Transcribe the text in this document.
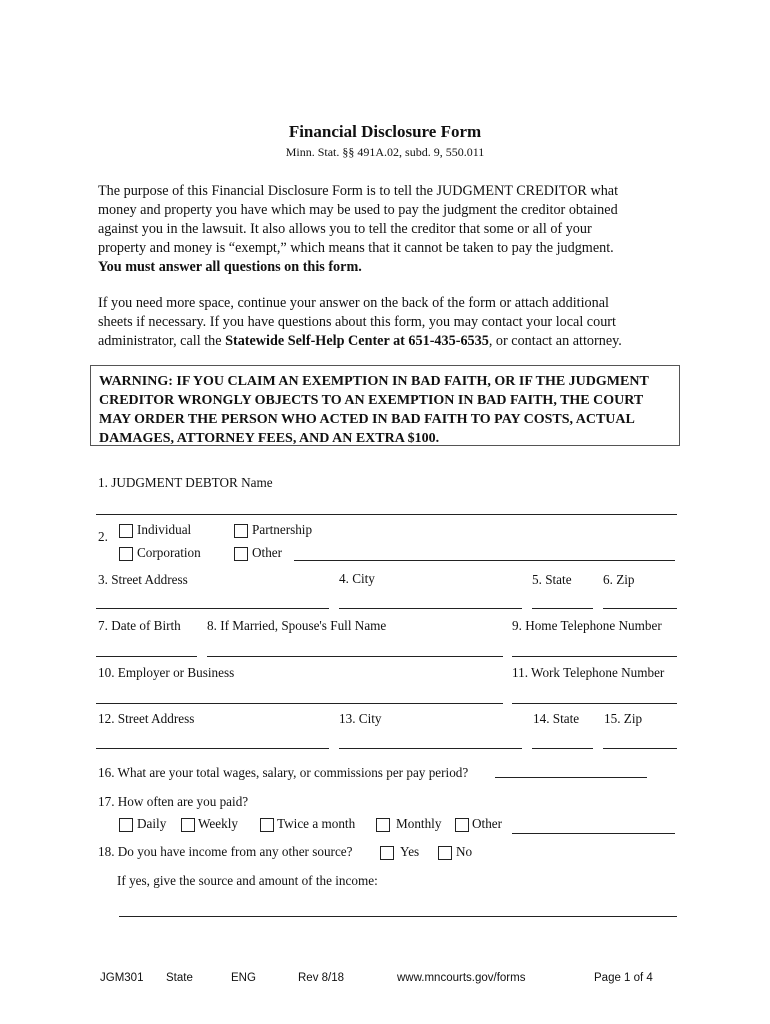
Financial Disclosure Form
Minn. Stat. §§ 491A.02, subd. 9, 550.011
The purpose of this Financial Disclosure Form is to tell the JUDGMENT CREDITOR what
money and property you have which may be used to pay the judgment the creditor obtained
against you in the lawsuit. It also allows you to tell the creditor that some or all of your
property and money is “exempt,” which means that it cannot be taken to pay the judgment.
You must answer all questions on this form.
If you need more space, continue your answer on the back of the form or attach additional
sheets if necessary. If you have questions about this form, you may contact your local court
administrator, call the Statewide Self-Help Center at 651-435-6535, or contact an attorney.
WARNING: IF YOU CLAIM AN EXEMPTION IN BAD FAITH, OR IF THE JUDGMENT
CREDITOR WRONGLY OBJECTS TO AN EXEMPTION IN BAD FAITH, THE COURT
MAY ORDER THE PERSON WHO ACTED IN BAD FAITH TO PAY COSTS, ACTUAL
DAMAGES, ATTORNEY FEES, AND AN EXTRA $100.
1. JUDGMENT DEBTOR Name
2. Individual	Partnership
Corporation	Other
3. Street Address	4. City	5. State 6. Zip
7. Date of Birth 8. If Married, Spouse's Full Name	9. Home Telephone Number
10. Employer or Business	11. Work Telephone Number
12. Street Address	13. City	14. State 15. Zip
16. What are your total wages, salary, or commissions per pay period?
17. How often are you paid?
Daily Weekly	Twice a month	Monthly Other
18. Do you have income from any other source?	Yes	No
If yes, give the source and amount of the income:
JGM301 State	ENG	Rev 8/18	www.mncourts.gov/forms	Page 1 of 4
